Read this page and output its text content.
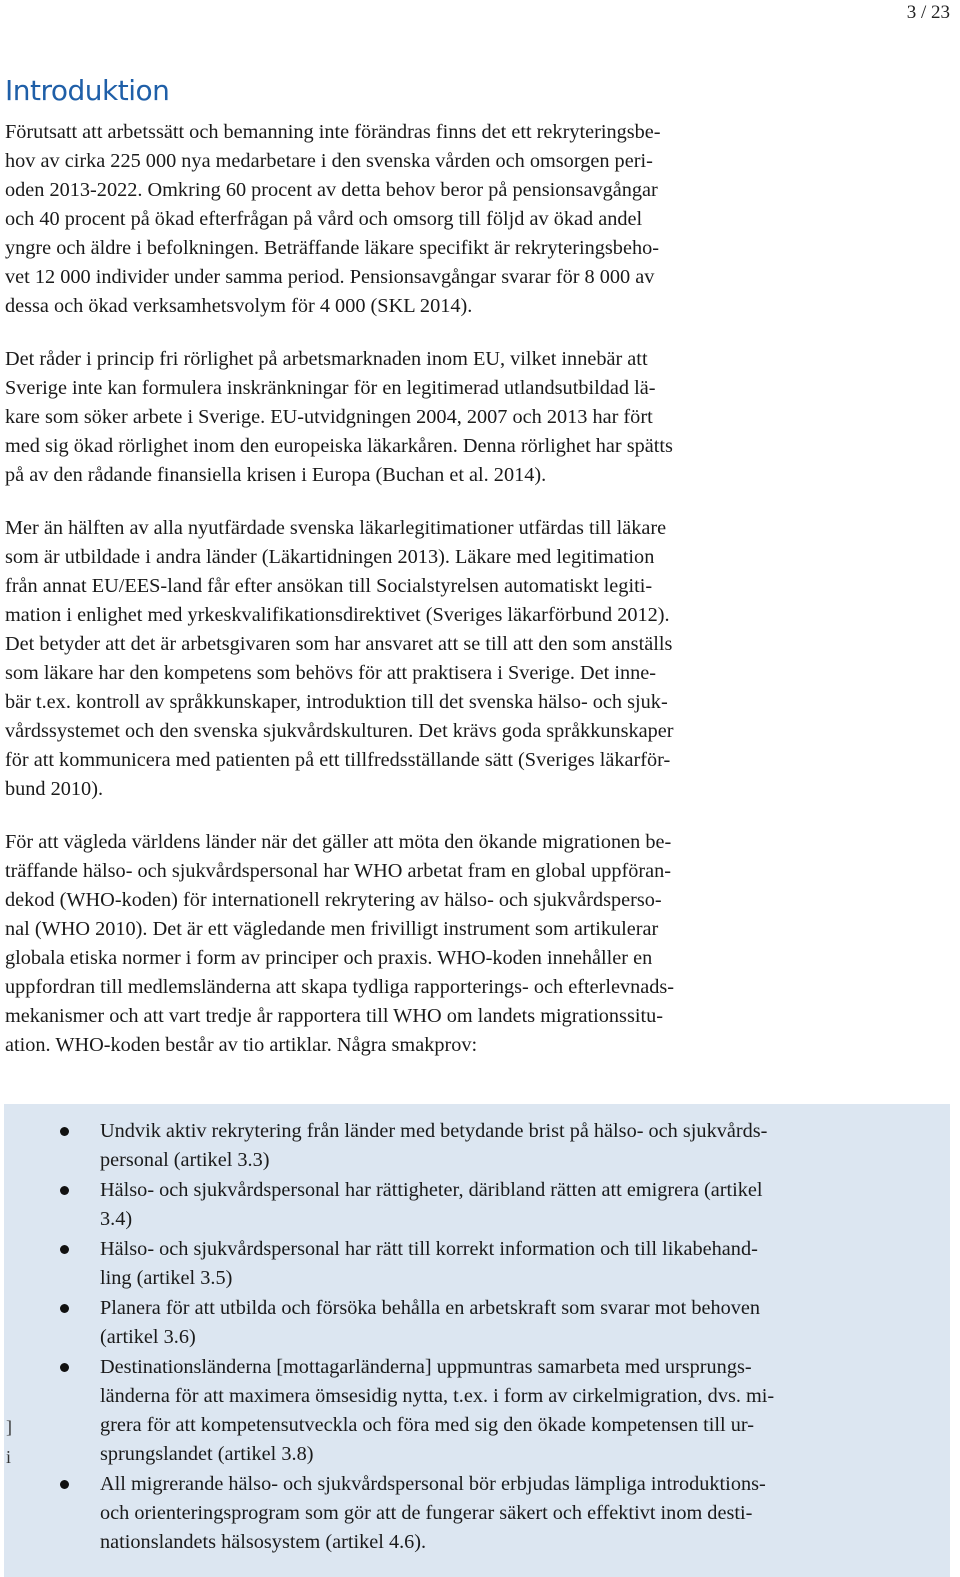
3 / 23
Introduktion

Förutsatt att arbetssätt och bemanning inte förändras finns det ett rekryteringsbe-
hov av cirka 225 000 nya medarbetare i den svenska vården och omsorgen peri-
oden 2013-2022. Omkring 60 procent av detta behov beror på pensionsavgångar
och 40 procent på ökad efterfrågan på vård och omsorg till följd av ökad andel
yngre och äldre i befolkningen. Beträffande läkare specifikt är rekryteringsbeho-
vet 12 000 individer under samma period. Pensionsavgångar svarar för 8 000 av
dessa och ökad verksamhetsvolym för 4 000 (SKL 2014).

Det råder i princip fri rörlighet på arbetsmarknaden inom EU, vilket innebär att
Sverige inte kan formulera inskränkningar för en legitimerad utlandsutbildad lä-
kare som söker arbete i Sverige. EU-utvidgningen 2004, 2007 och 2013 har fört
med sig ökad rörlighet inom den europeiska läkarkåren. Denna rörlighet har spätts
på av den rådande finansiella krisen i Europa (Buchan et al. 2014).

Mer än hälften av alla nyutfärdade svenska läkarlegitimationer utfärdas till läkare
som är utbildade i andra länder (Läkartidningen 2013). Läkare med legitimation
från annat EU/EES-land får efter ansökan till Socialstyrelsen automatiskt legiti-
mation i enlighet med yrkeskvalifikationsdirektivet (Sveriges läkarförbund 2012).
Det betyder att det är arbetsgivaren som har ansvaret att se till att den som anställs
som läkare har den kompetens som behövs för att praktisera i Sverige. Det inne-
bär t.ex. kontroll av språkkunskaper, introduktion till det svenska hälso- och sjuk-
vårdssystemet och den svenska sjukvårdskulturen. Det krävs goda språkkunskaper
för att kommunicera med patienten på ett tillfredsställande sätt (Sveriges läkarför-
bund 2010).

För att vägleda världens länder när det gäller att möta den ökande migrationen be-
träffande hälso- och sjukvårdspersonal har WHO arbetat fram en global uppföran-
dekod (WHO-koden) för internationell rekrytering av hälso- och sjukvårdsperso-
nal (WHO 2010). Det är ett vägledande men frivilligt instrument som artikulerar
globala etiska normer i form av principer och praxis. WHO-koden innehåller en
uppfordran till medlemsländerna att skapa tydliga rapporterings- och efterlevnads-
mekanismer och att vart tredje år rapportera till WHO om landets migrationssitu-
ation. WHO-koden består av tio artiklar. Några smakprov:

]
i
Undvik aktiv rekrytering från länder med betydande brist på hälso- och sjukvårds-
personal (artikel 3.3)
Hälso- och sjukvårdspersonal har rättigheter, däribland rätten att emigrera (artikel
3.4)
Hälso- och sjukvårdspersonal har rätt till korrekt information och till likabehand-
ling (artikel 3.5)
Planera för att utbilda och försöka behålla en arbetskraft som svarar mot behoven
(artikel 3.6)
Destinationsländerna [mottagarländerna] uppmuntras samarbeta med ursprungs-
länderna för att maximera ömsesidig nytta, t.ex. i form av cirkelmigration, dvs. mi-
grera för att kompetensutveckla och föra med sig den ökade kompetensen till ur-
sprungslandet (artikel 3.8)
All migrerande hälso- och sjukvårdspersonal bör erbjudas lämpliga introduktions-
och orienteringsprogram som gör att de fungerar säkert och effektivt inom desti-
nationslandets hälsosystem (artikel 4.6).
